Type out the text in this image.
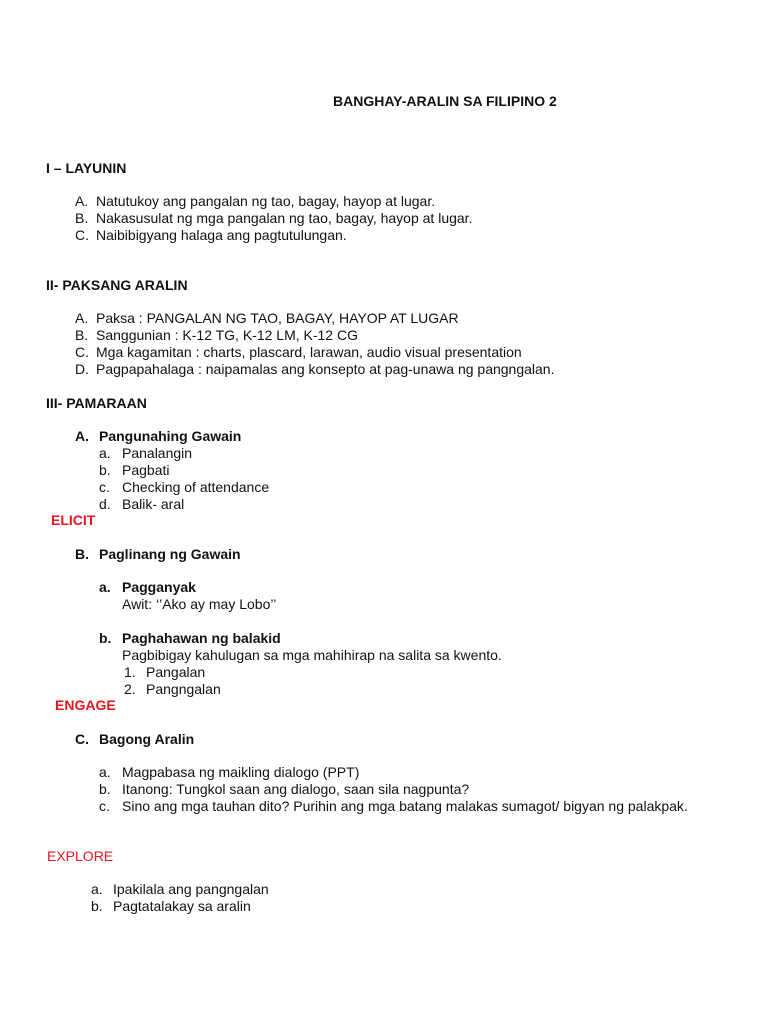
BANGHAY-ARALIN SA FILIPINO 2
I – LAYUNIN
A. Natutukoy ang pangalan ng tao, bagay, hayop at lugar.
B. Nakasusulat ng mga pangalan ng tao, bagay, hayop at lugar.
C. Naibibigyang halaga ang pagtutulungan.
II- PAKSANG ARALIN
A. Paksa : PANGALAN NG TAO, BAGAY, HAYOP AT LUGAR
B. Sanggunian : K-12 TG, K-12 LM, K-12 CG
C. Mga kagamitan : charts, plascard, larawan, audio visual presentation
D. Pagpapahalaga : naipamalas ang konsepto at pag-unawa ng pangngalan.
III- PAMARAAN
A. Pangunahing Gawain
a. Panalangin
b. Pagbati
c. Checking of attendance
d. Balik- aral
ELICIT
B. Paglinang ng Gawain
a. Pagganyak
Awit: ‘’Ako ay may Lobo’’
b. Paghahawan ng balakid
Pagbibigay kahulugan sa mga mahihirap na salita sa kwento.
1. Pangalan
2. Pangngalan
ENGAGE
C. Bagong Aralin
a. Magpabasa ng maikling dialogo (PPT)
b. Itanong: Tungkol saan ang dialogo, saan sila nagpunta?
c. Sino ang mga tauhan dito? Purihin ang mga batang malakas sumagot/ bigyan ng palakpak.
EXPLORE
a. Ipakilala ang pangngalan
b. Pagtatalakay sa aralin
